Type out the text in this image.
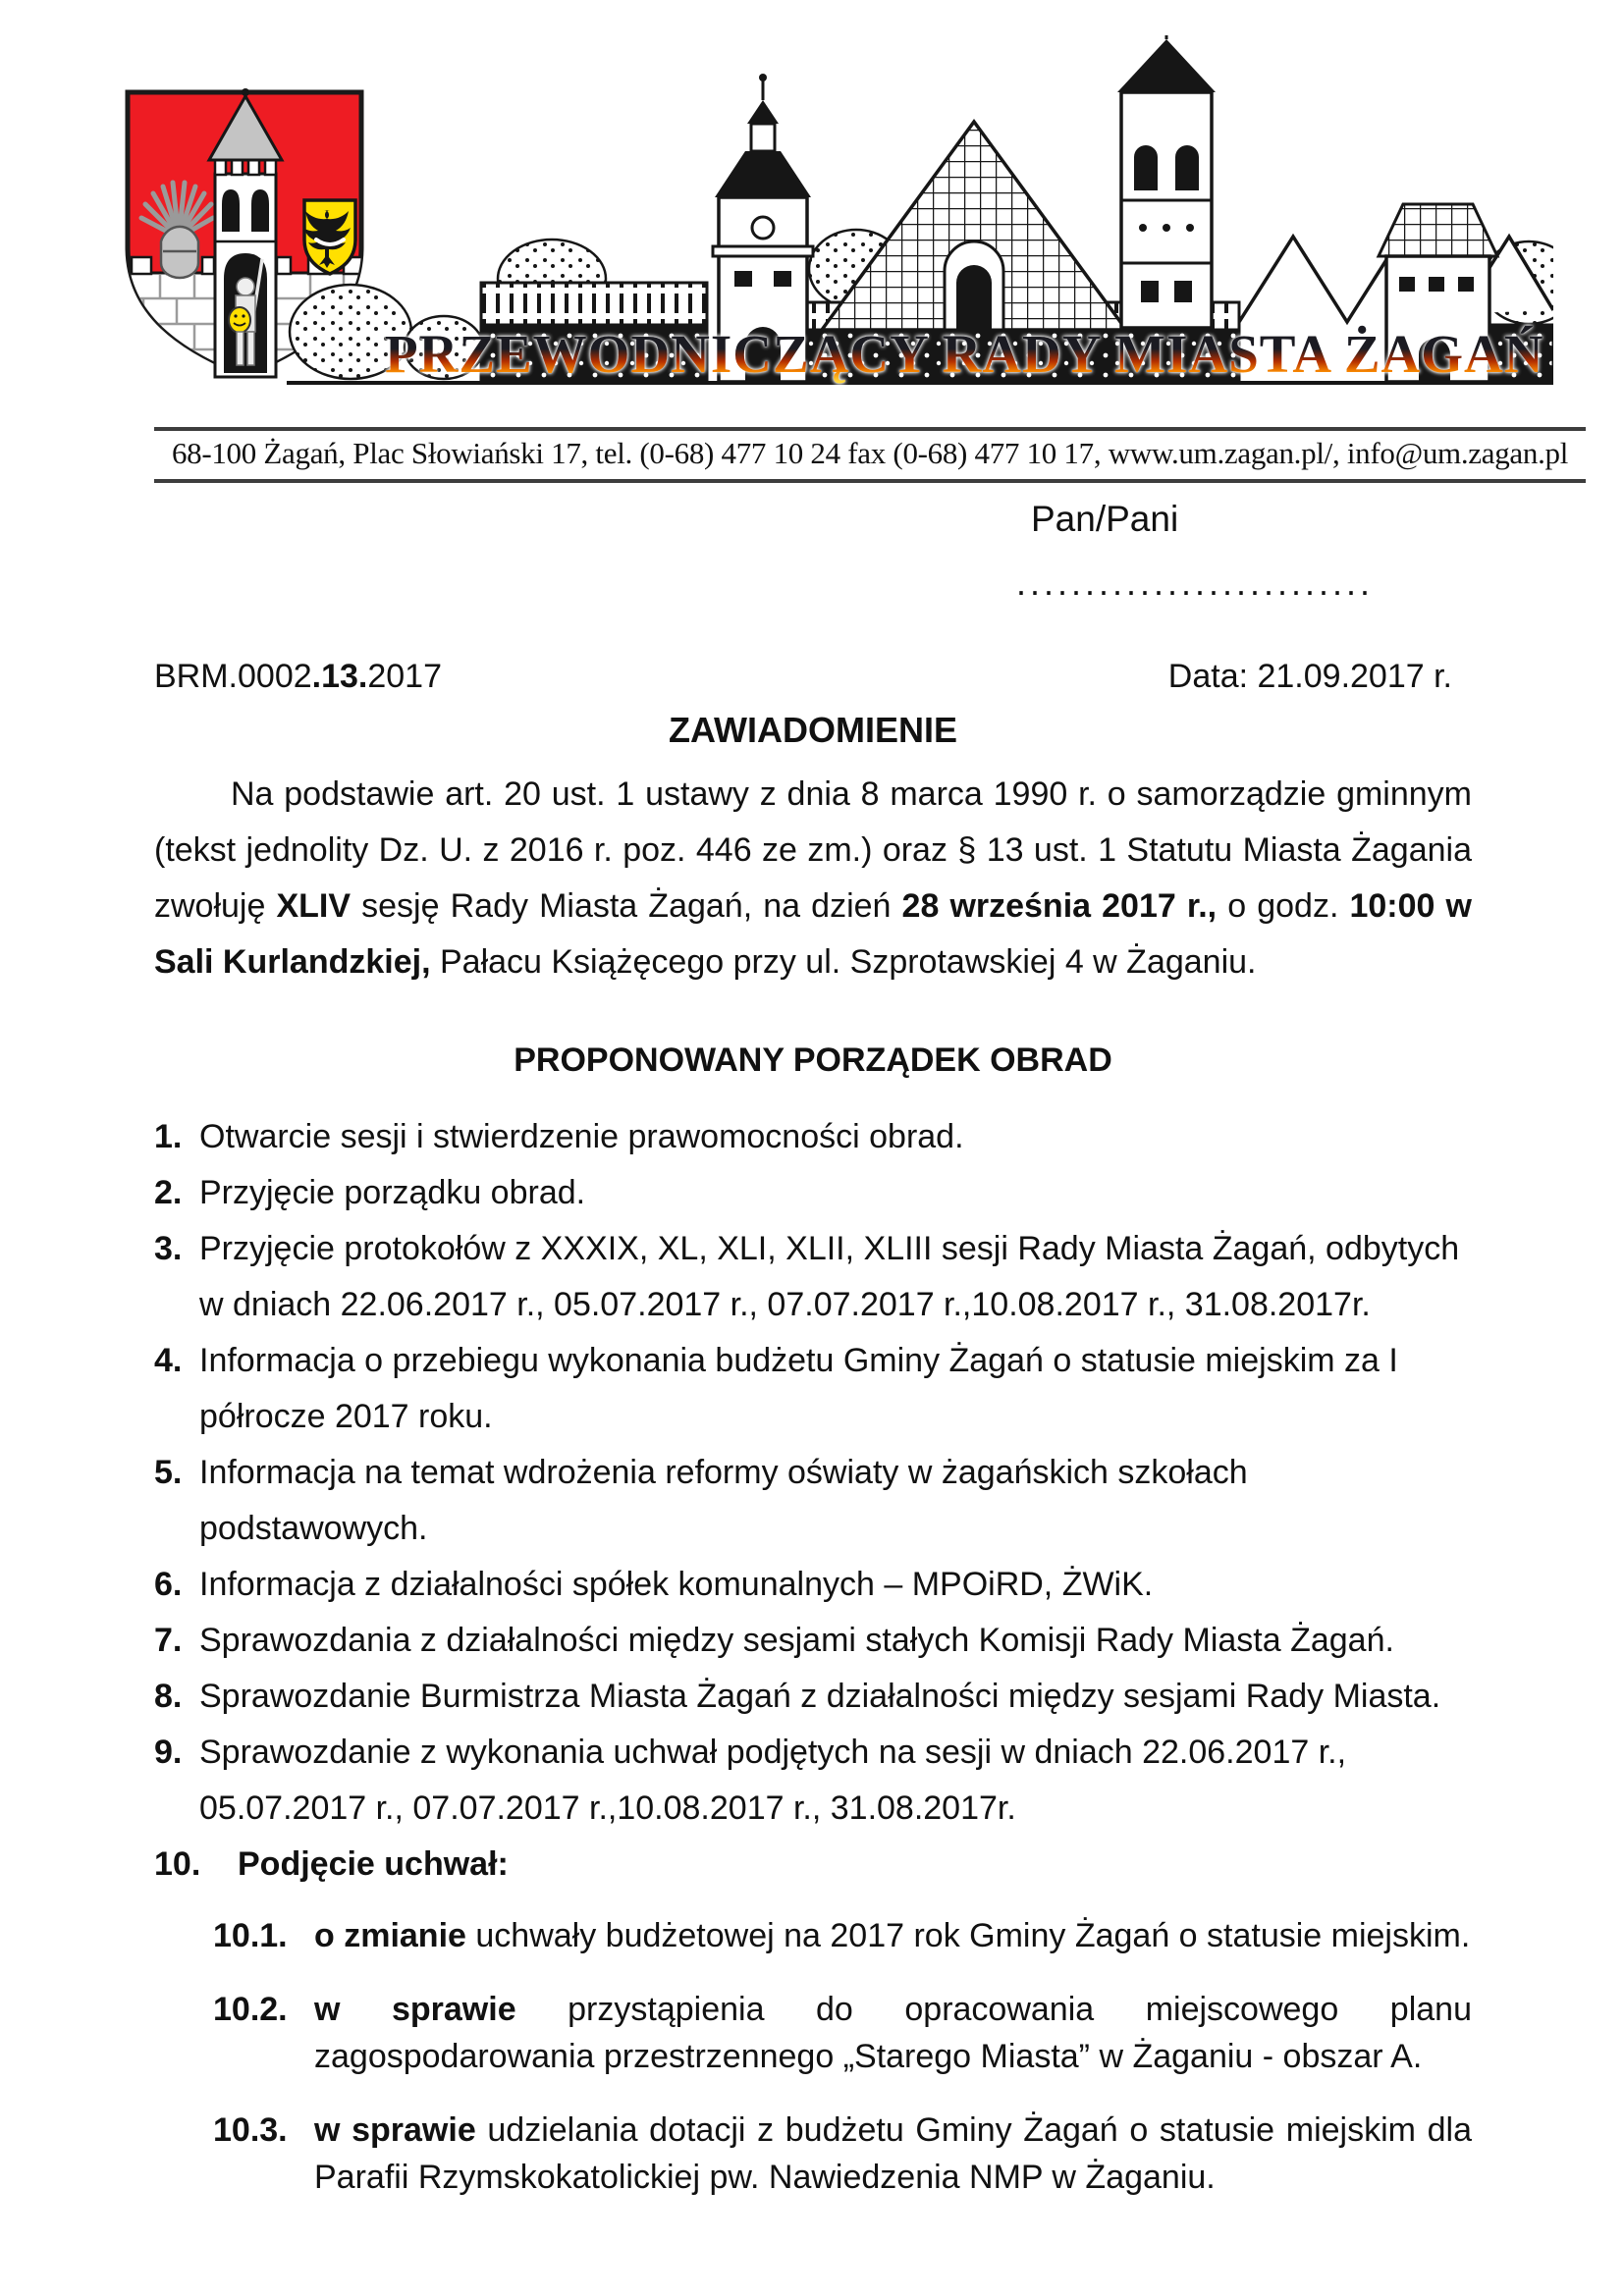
PRZEWODNICZĄCY RADY MIASTA ŻAGAŃ
68-100 Żagań, Plac Słowiański 17, tel. (0-68) 477 10 24 fax (0-68) 477 10 17, www.um.zagan.pl/, info@um.zagan.pl
Pan/Pani
..........................
BRM.0002.13.2017	Data: 21.09.2017 r.
ZAWIADOMIENIE

Na podstawie art. 20 ust. 1 ustawy z dnia 8 marca 1990 r. o samorządzie gminnym (tekst jednolity Dz. U. z 2016 r. poz. 446 ze zm.) oraz § 13 ust. 1 Statutu Miasta Żagania zwołuję XLIV sesję Rady Miasta Żagań, na dzień 28 września 2017 r., o godz. 10:00 w Sali Kurlandzkiej, Pałacu Książęcego przy ul. Szprotawskiej 4 w Żaganiu.

PROPONOWANY PORZĄDEK OBRAD
1. Otwarcie sesji i stwierdzenie prawomocności obrad.
2. Przyjęcie porządku obrad.
3. Przyjęcie protokołów z XXXIX, XL, XLI, XLII, XLIII sesji Rady Miasta Żagań, odbytych w dniach 22.06.2017 r., 05.07.2017 r., 07.07.2017 r.,10.08.2017 r., 31.08.2017r.
4. Informacja o przebiegu wykonania budżetu Gminy Żagań o statusie miejskim za I półrocze 2017 roku.
5. Informacja na temat wdrożenia reformy oświaty w żagańskich szkołach podstawowych.
6. Informacja z działalności spółek komunalnych – MPOiRD, ŻWiK.
7. Sprawozdania z działalności między sesjami stałych Komisji Rady Miasta Żagań.
8. Sprawozdanie Burmistrza Miasta Żagań z działalności między sesjami Rady Miasta.
9. Sprawozdanie z wykonania uchwał podjętych na sesji w dniach 22.06.2017 r., 05.07.2017 r., 07.07.2017 r.,10.08.2017 r., 31.08.2017r.
10.	Podjęcie uchwał:
10.1. o zmianie uchwały budżetowej na 2017 rok Gminy Żagań o statusie miejskim.
10.2. w sprawie przystąpienia do opracowania miejscowego planu zagospodarowania przestrzennego „Starego Miasta” w Żaganiu - obszar A.
10.3. w sprawie udzielania dotacji z budżetu Gminy Żagań o statusie miejskim dla Parafii Rzymskokatolickiej pw. Nawiedzenia NMP w Żaganiu.
